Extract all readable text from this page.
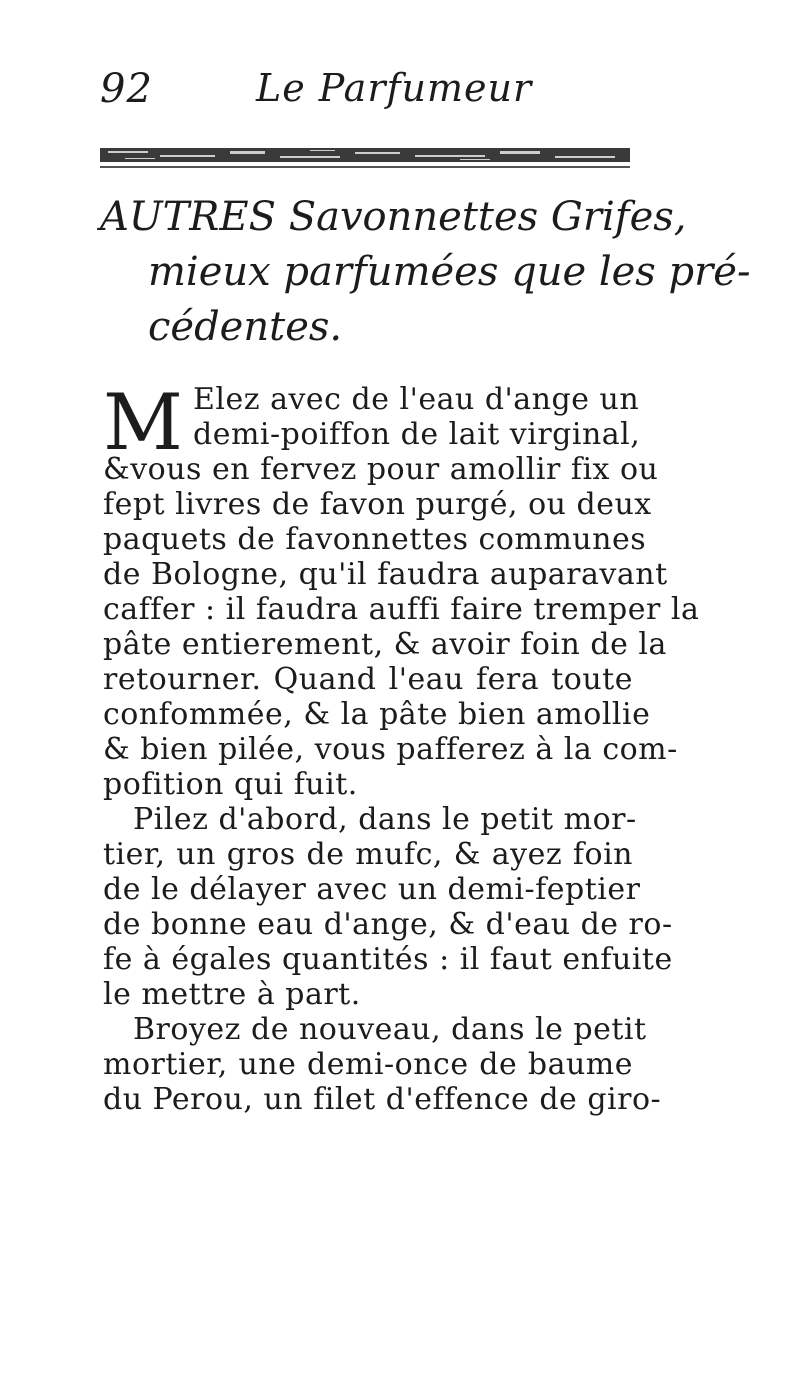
92	Le Parfumeur
AUTRES Savonnettes Grifes,
mieux parfumées que les pré-
cédentes.
M Elez avec de l'eau d'ange un
demi-poiffon de lait virginal,
&vous en fervez pour amollir fix ou
fept livres de favon purgé, ou deux
paquets de favonnettes communes
de Bologne, qu'il faudra auparavant
caffer : il faudra auffi faire tremper la
pâte entierement, & avoir foin de la
retourner. Quand l'eau fera toute
confommée, & la pâte bien amollie
& bien pilée, vous pafferez à la com-
pofition qui fuit.
Pilez d'abord, dans le petit mor-
tier, un gros de mufc, & ayez foin
de le délayer avec un demi-feptier
de bonne eau d'ange, & d'eau de ro-
fe à égales quantités : il faut enfuite
le mettre à part.
Broyez de nouveau, dans le petit
mortier, une demi-once de baume
du Perou, un filet d'effence de giro-
